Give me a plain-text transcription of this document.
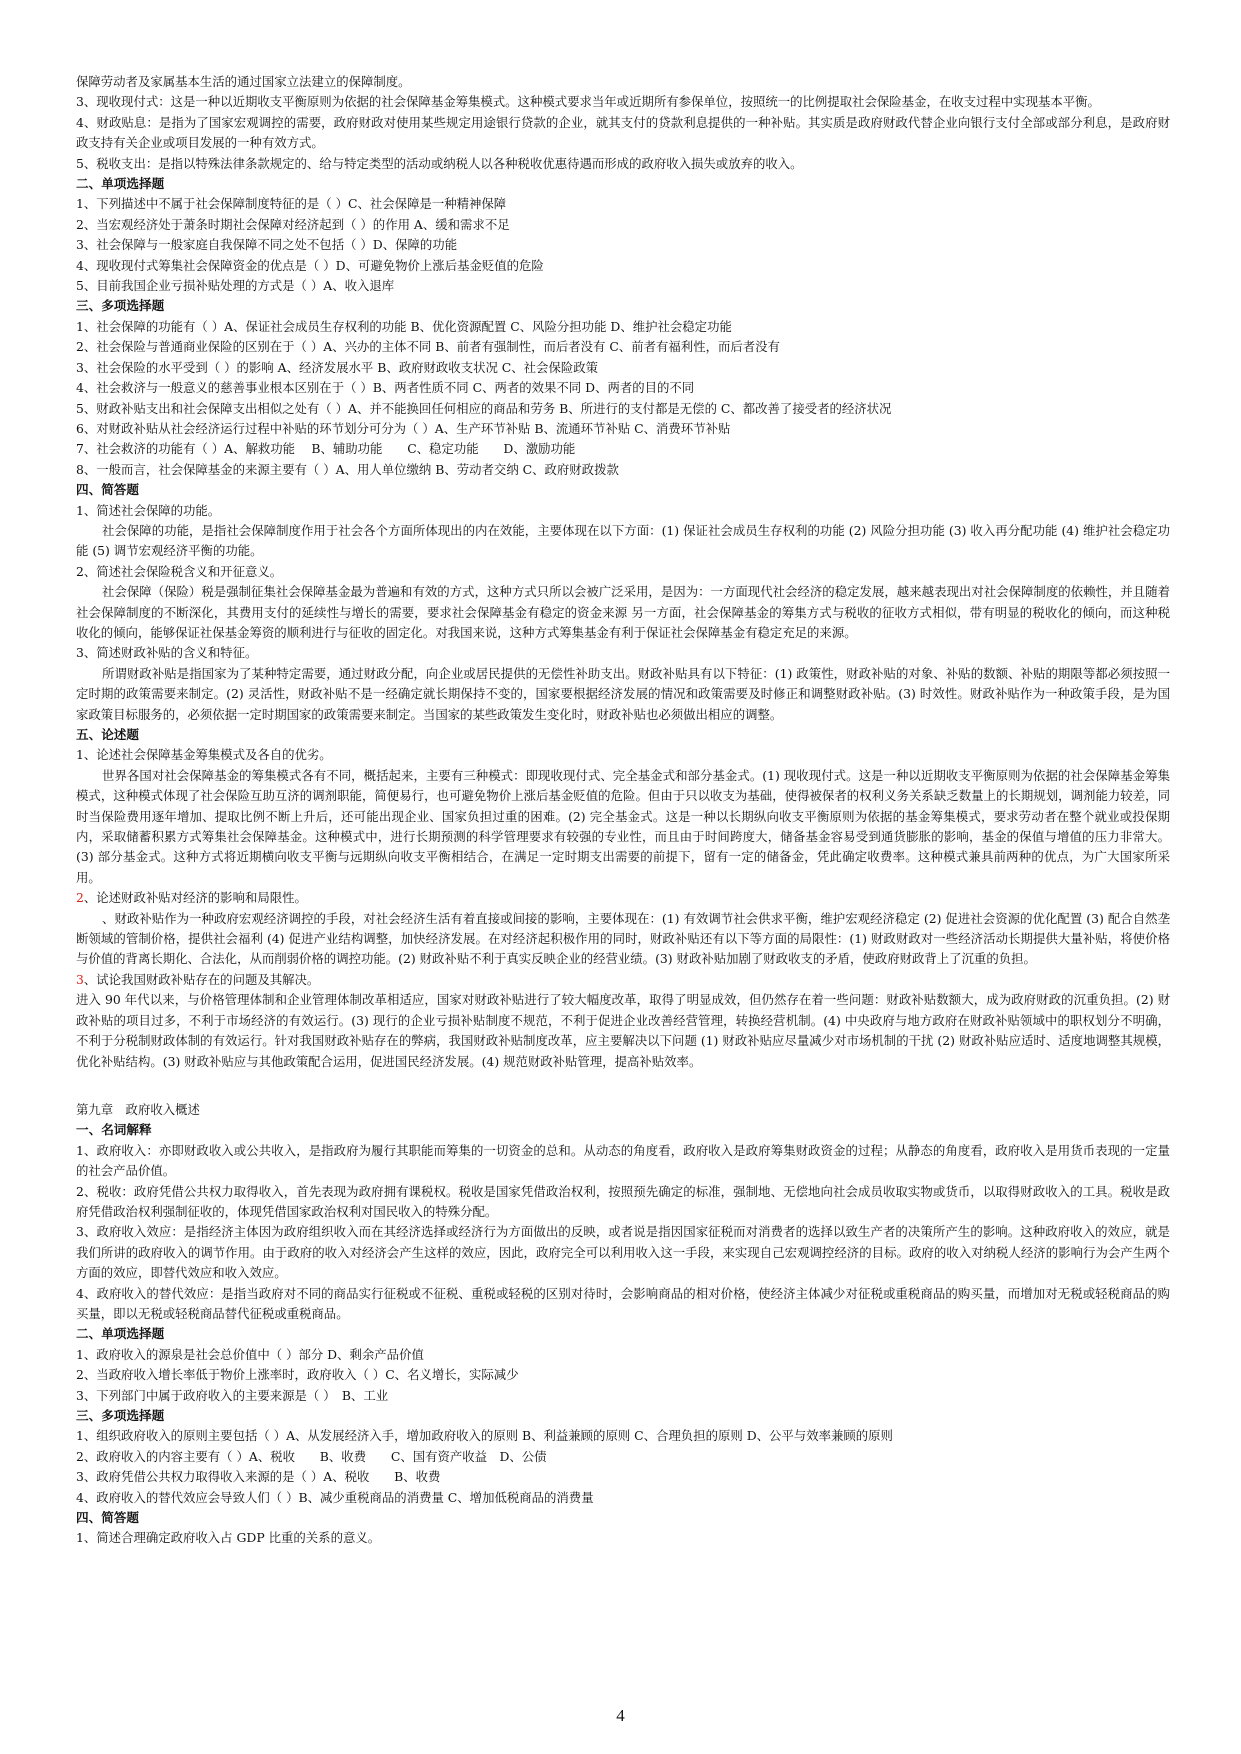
保障劳动者及家属基本生活的通过国家立法建立的保障制度。

3、现收现付式：这是一种以近期收支平衡原则为依据的社会保障基金筹集模式。这种模式要求当年或近期所有参保单位，按照统一的比例提取社会保险基金，在收支过程中实现基本平衡。

4、财政贴息：是指为了国家宏观调控的需要，政府财政对使用某些规定用途银行贷款的企业，就其支付的贷款利息提供的一种补贴。其实质是政府财政代替企业向银行支付全部或部分利息，是政府财政支持有关企业或项目发展的一种有效方式。

5、税收支出：是指以特殊法律条款规定的、给与特定类型的活动或纳税人以各种税收优惠待遇而形成的政府收入损失或放弃的收入。

二、单项选择题

1、下列描述中不属于社会保障制度特征的是（ ）C、社会保障是一种精神保障

2、当宏观经济处于萧条时期社会保障对经济起到（ ）的作用 A、缓和需求不足

3、社会保障与一般家庭自我保障不同之处不包括（ ）D、保障的功能

4、现收现付式筹集社会保障资金的优点是（ ）D、可避免物价上涨后基金贬值的危险

5、目前我国企业亏损补贴处理的方式是（ ）A、收入退库

三、多项选择题

1、社会保障的功能有（ ）A、保证社会成员生存权利的功能 B、优化资源配置 C、风险分担功能 D、维护社会稳定功能

2、社会保险与普通商业保险的区别在于（ ）A、兴办的主体不同 B、前者有强制性，而后者没有 C、前者有福利性，而后者没有

3、社会保险的水平受到（ ）的影响 A、经济发展水平 B、政府财政收支状况 C、社会保险政策

4、社会救济与一般意义的慈善事业根本区别在于（ ）B、两者性质不同 C、两者的效果不同 D、两者的目的不同

5、财政补贴支出和社会保障支出相似之处有（ ）A、并不能换回任何相应的商品和劳务 B、所进行的支付都是无偿的 C、都改善了接受者的经济状况

6、对财政补贴从社会经济运行过程中补贴的环节划分可分为（ ）A、生产环节补贴 B、流通环节补贴 C、消费环节补贴

7、社会救济的功能有（ ）A、解救功能　 B、辅助功能　　C、稳定功能　　D、激励功能

8、一般而言，社会保障基金的来源主要有（ ）A、用人单位缴纳 B、劳动者交纳 C、政府财政拨款

四、简答题

1、简述社会保障的功能。

社会保障的功能，是指社会保障制度作用于社会各个方面所体现出的内在效能，主要体现在以下方面：(1) 保证社会成员生存权利的功能 (2) 风险分担功能 (3) 收入再分配功能 (4) 维护社会稳定功能 (5) 调节宏观经济平衡的功能。

2、简述社会保险税含义和开征意义。

社会保障（保险）税是强制征集社会保障基金最为普遍和有效的方式，这种方式只所以会被广泛采用，是因为：一方面现代社会经济的稳定发展，越来越表现出对社会保障制度的依赖性，并且随着社会保障制度的不断深化，其费用支付的延续性与增长的需要，要求社会保障基金有稳定的资金来源 另一方面，社会保障基金的筹集方式与税收的征收方式相似，带有明显的税收化的倾向，而这种税收化的倾向，能够保证社保基金筹资的顺利进行与征收的固定化。对我国来说，这种方式筹集基金有利于保证社会保障基金有稳定充足的来源。

3、简述财政补贴的含义和特征。

所谓财政补贴是指国家为了某种特定需要，通过财政分配，向企业或居民提供的无偿性补助支出。财政补贴具有以下特征：(1) 政策性，财政补贴的对象、补贴的数额、补贴的期限等都必须按照一定时期的政策需要来制定。(2) 灵活性，财政补贴不是一经确定就长期保持不变的，国家要根据经济发展的情况和政策需要及时修正和调整财政补贴。(3) 时效性。财政补贴作为一种政策手段，是为国家政策目标服务的，必须依据一定时期国家的政策需要来制定。当国家的某些政策发生变化时，财政补贴也必须做出相应的调整。

五、论述题

1、论述社会保障基金筹集模式及各自的优劣。

世界各国对社会保障基金的筹集模式各有不同，概括起来，主要有三种模式：即现收现付式、完全基金式和部分基金式。(1) 现收现付式。这是一种以近期收支平衡原则为依据的社会保障基金筹集模式，这种模式体现了社会保险互助互济的调剂职能，简便易行，也可避免物价上涨后基金贬值的危险。但由于只以收支为基础，使得被保者的权利义务关系缺乏数量上的长期规划，调剂能力较差，同时当保险费用逐年增加、提取比例不断上升后，还可能出现企业、国家负担过重的困难。(2) 完全基金式。这是一种以长期纵向收支平衡原则为依据的基金筹集模式，要求劳动者在整个就业或投保期内，采取储蓄积累方式筹集社会保障基金。这种模式中，进行长期预测的科学管理要求有较强的专业性，而且由于时间跨度大，储备基金容易受到通货膨胀的影响，基金的保值与增值的压力非常大。(3) 部分基金式。这种方式将近期横向收支平衡与远期纵向收支平衡相结合，在满足一定时期支出需要的前提下，留有一定的储备金，凭此确定收费率。这种模式兼具前两种的优点，为广大国家所采用。

2、论述财政补贴对经济的影响和局限性。

、财政补贴作为一种政府宏观经济调控的手段，对社会经济生活有着直接或间接的影响，主要体现在：(1) 有效调节社会供求平衡，维护宏观经济稳定 (2) 促进社会资源的优化配置 (3) 配合自然垄断领域的管制价格，提供社会福利 (4) 促进产业结构调整，加快经济发展。在对经济起积极作用的同时，财政补贴还有以下等方面的局限性：(1) 财政财政对一些经济活动长期提供大量补贴，将使价格与价值的背离长期化、合法化，从而削弱价格的调控功能。(2) 财政补贴不利于真实反映企业的经营业绩。(3) 财政补贴加剧了财政收支的矛盾，使政府财政背上了沉重的负担。

3、试论我国财政补贴存在的问题及其解决。

进入 90 年代以来，与价格管理体制和企业管理体制改革相适应，国家对财政补贴进行了较大幅度改革，取得了明显成效，但仍然存在着一些问题：财政补贴数额大，成为政府财政的沉重负担。(2) 财政补贴的项目过多，不利于市场经济的有效运行。(3) 现行的企业亏损补贴制度不规范，不利于促进企业改善经营管理，转换经营机制。(4) 中央政府与地方政府在财政补贴领域中的职权划分不明确，不利于分税制财政体制的有效运行。针对我国财政补贴存在的弊病，我国财政补贴制度改革，应主要解决以下问题 (1) 财政补贴应尽量减少对市场机制的干扰 (2) 财政补贴应适时、适度地调整其规模，优化补贴结构。(3) 财政补贴应与其他政策配合运用，促进国民经济发展。(4) 规范财政补贴管理，提高补贴效率。

第九章　政府收入概述

一、名词解释

1、政府收入：亦即财政收入或公共收入，是指政府为履行其职能而筹集的一切资金的总和。从动态的角度看，政府收入是政府筹集财政资金的过程；从静态的角度看，政府收入是用货币表现的一定量的社会产品价值。

2、税收：政府凭借公共权力取得收入，首先表现为政府拥有课税权。税收是国家凭借政治权利，按照预先确定的标准，强制地、无偿地向社会成员收取实物或货币，以取得财政收入的工具。税收是政府凭借政治权利强制征收的，体现凭借国家政治权利对国民收入的特殊分配。

3、政府收入效应：是指经济主体因为政府组织收入而在其经济选择或经济行为方面做出的反映，或者说是指因国家征税而对消费者的选择以致生产者的决策所产生的影响。这种政府收入的效应，就是我们所讲的政府收入的调节作用。由于政府的收入对经济会产生这样的效应，因此，政府完全可以利用收入这一手段，来实现自己宏观调控经济的目标。政府的收入对纳税人经济的影响行为会产生两个方面的效应，即替代效应和收入效应。

4、政府收入的替代效应：是指当政府对不同的商品实行征税或不征税、重税或轻税的区别对待时，会影响商品的相对价格，使经济主体减少对征税或重税商品的购买量，而增加对无税或轻税商品的购买量，即以无税或轻税商品替代征税或重税商品。

二、单项选择题

1、政府收入的源泉是社会总价值中（ ）部分 D、剩余产品价值

2、当政府收入增长率低于物价上涨率时，政府收入（ ）C、名义增长，实际减少

3、下列部门中属于政府收入的主要来源是（ ）　B、工业

三、多项选择题

1、组织政府收入的原则主要包括（ ）A、从发展经济入手，增加政府收入的原则 B、利益兼顾的原则 C、合理负担的原则 D、公平与效率兼顾的原则

2、政府收入的内容主要有（ ）A、税收　　B、收费　　C、国有资产收益　D、公债

3、政府凭借公共权力取得收入来源的是（ ）A、税收　　B、收费

4、政府收入的替代效应会导致人们（ ）B、减少重税商品的消费量 C、增加低税商品的消费量

四、简答题

1、简述合理确定政府收入占 GDP 比重的关系的意义。

4
